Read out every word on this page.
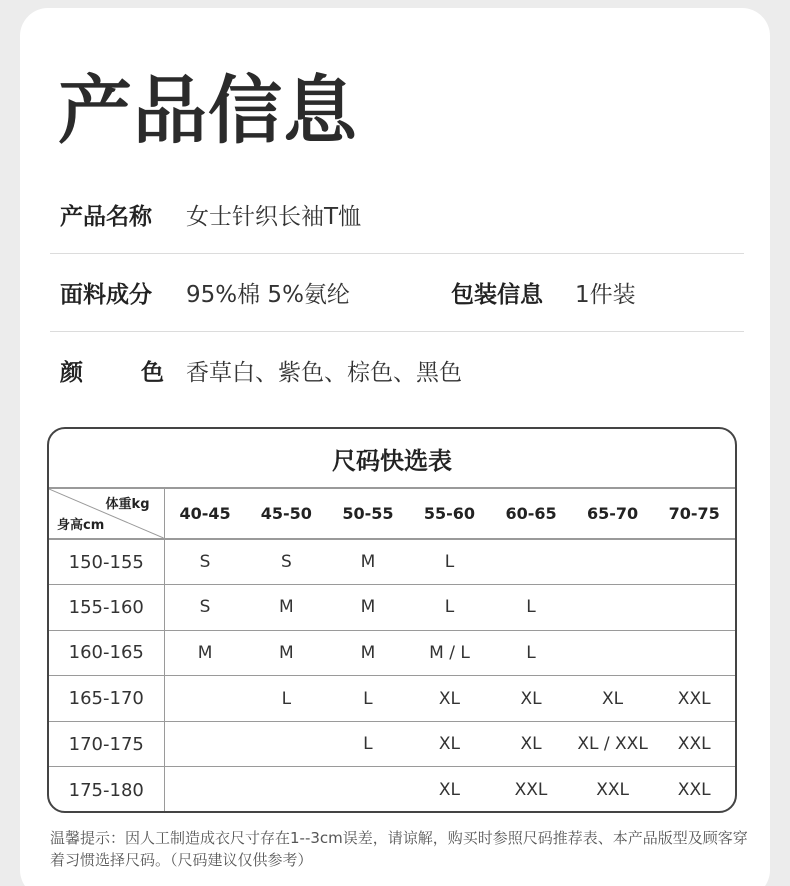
产品信息
产品名称 女士针织长袖T恤
面料成分 95%棉 5%氨纶	包装信息 1件装
颜	色 香草白、紫色、棕色、黑色
尺码快选表
体重kg
身高cm	40-45	45-50	50-55	55-60	60-65	65-70	70-75
150-155	S	S	M	L			
155-160	S	M	M	L	L		
160-165	M	M	M	M / L	L		
165-170		L	L	XL	XL	XL	XXL
170-175			L	XL	XL	XL / XXL	XXL
175-180				XL	XXL	XXL	XXL
温馨提示：因人工制造成衣尺寸存在1--3cm误差，请谅解，购买时参照尺码推荐表、本产品版型及顾客穿着习惯选择尺码。（尺码建议仅供参考）
